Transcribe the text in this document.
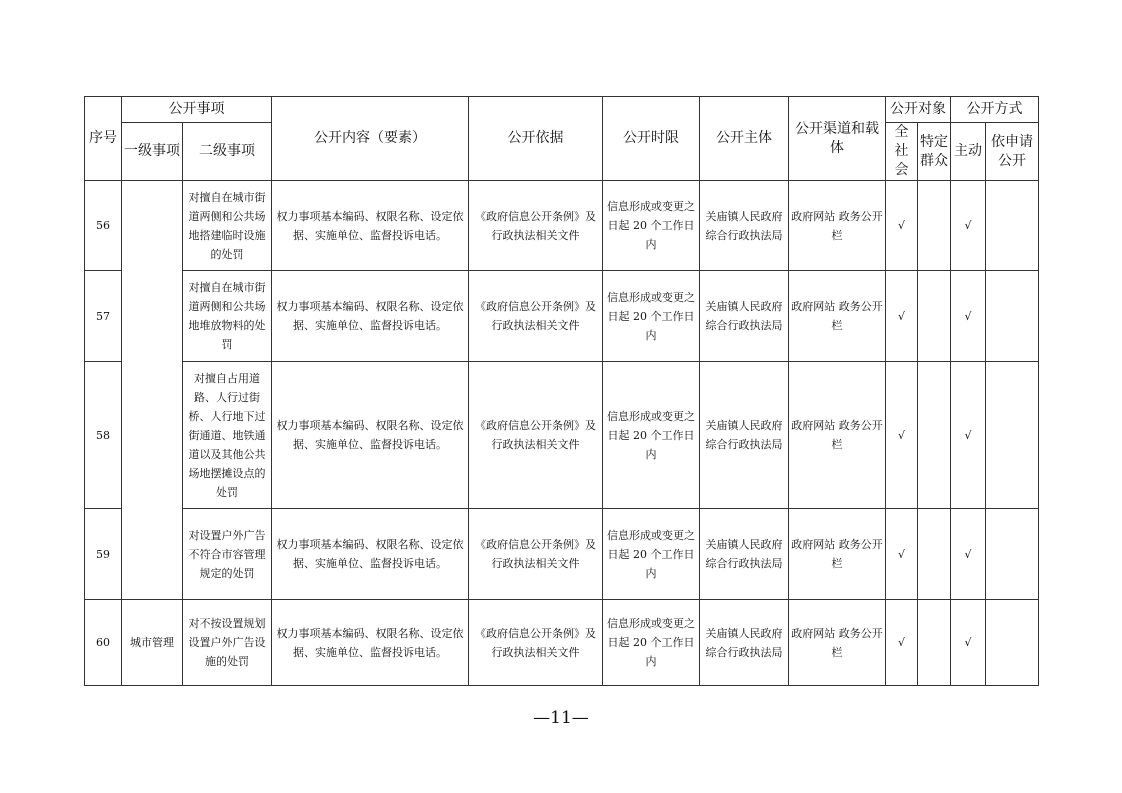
序号	公开事项		公开内容（要素）	公开依据	公开时限	公开主体	公开渠道和载体	公开对象		公开方式	
	一级事项	二级事项						全社会	特定群众	主动	依申请公开
56		对擅自在城市街道两侧和公共场地搭建临时设施的处罚	权力事项基本编码、权限名称、设定依据、实施单位、监督投诉电话。	《政府信息公开条例》及行政执法相关文件	信息形成或变更之日起 20 个工作日内	关庙镇人民政府综合行政执法局	政府网站 政务公开栏	√		√	
57		对擅自在城市街道两侧和公共场地堆放物料的处罚	权力事项基本编码、权限名称、设定依据、实施单位、监督投诉电话。	《政府信息公开条例》及行政执法相关文件	信息形成或变更之日起 20 个工作日内	关庙镇人民政府综合行政执法局	政府网站 政务公开栏	√		√	
58		对擅自占用道路、人行过街桥、人行地下过街通道、地铁通道以及其他公共场地摆摊设点的处罚	权力事项基本编码、权限名称、设定依据、实施单位、监督投诉电话。	《政府信息公开条例》及行政执法相关文件	信息形成或变更之日起 20 个工作日内	关庙镇人民政府综合行政执法局	政府网站 政务公开栏	√		√	
59		对设置户外广告不符合市容管理规定的处罚	权力事项基本编码、权限名称、设定依据、实施单位、监督投诉电话。	《政府信息公开条例》及行政执法相关文件	信息形成或变更之日起 20 个工作日内	关庙镇人民政府综合行政执法局	政府网站 政务公开栏	√		√	
60	城市管理	对不按设置规划设置户外广告设施的处罚	权力事项基本编码、权限名称、设定依据、实施单位、监督投诉电话。	《政府信息公开条例》及行政执法相关文件	信息形成或变更之日起 20 个工作日内	关庙镇人民政府综合行政执法局	政府网站 政务公开栏	√		√	
—11—
